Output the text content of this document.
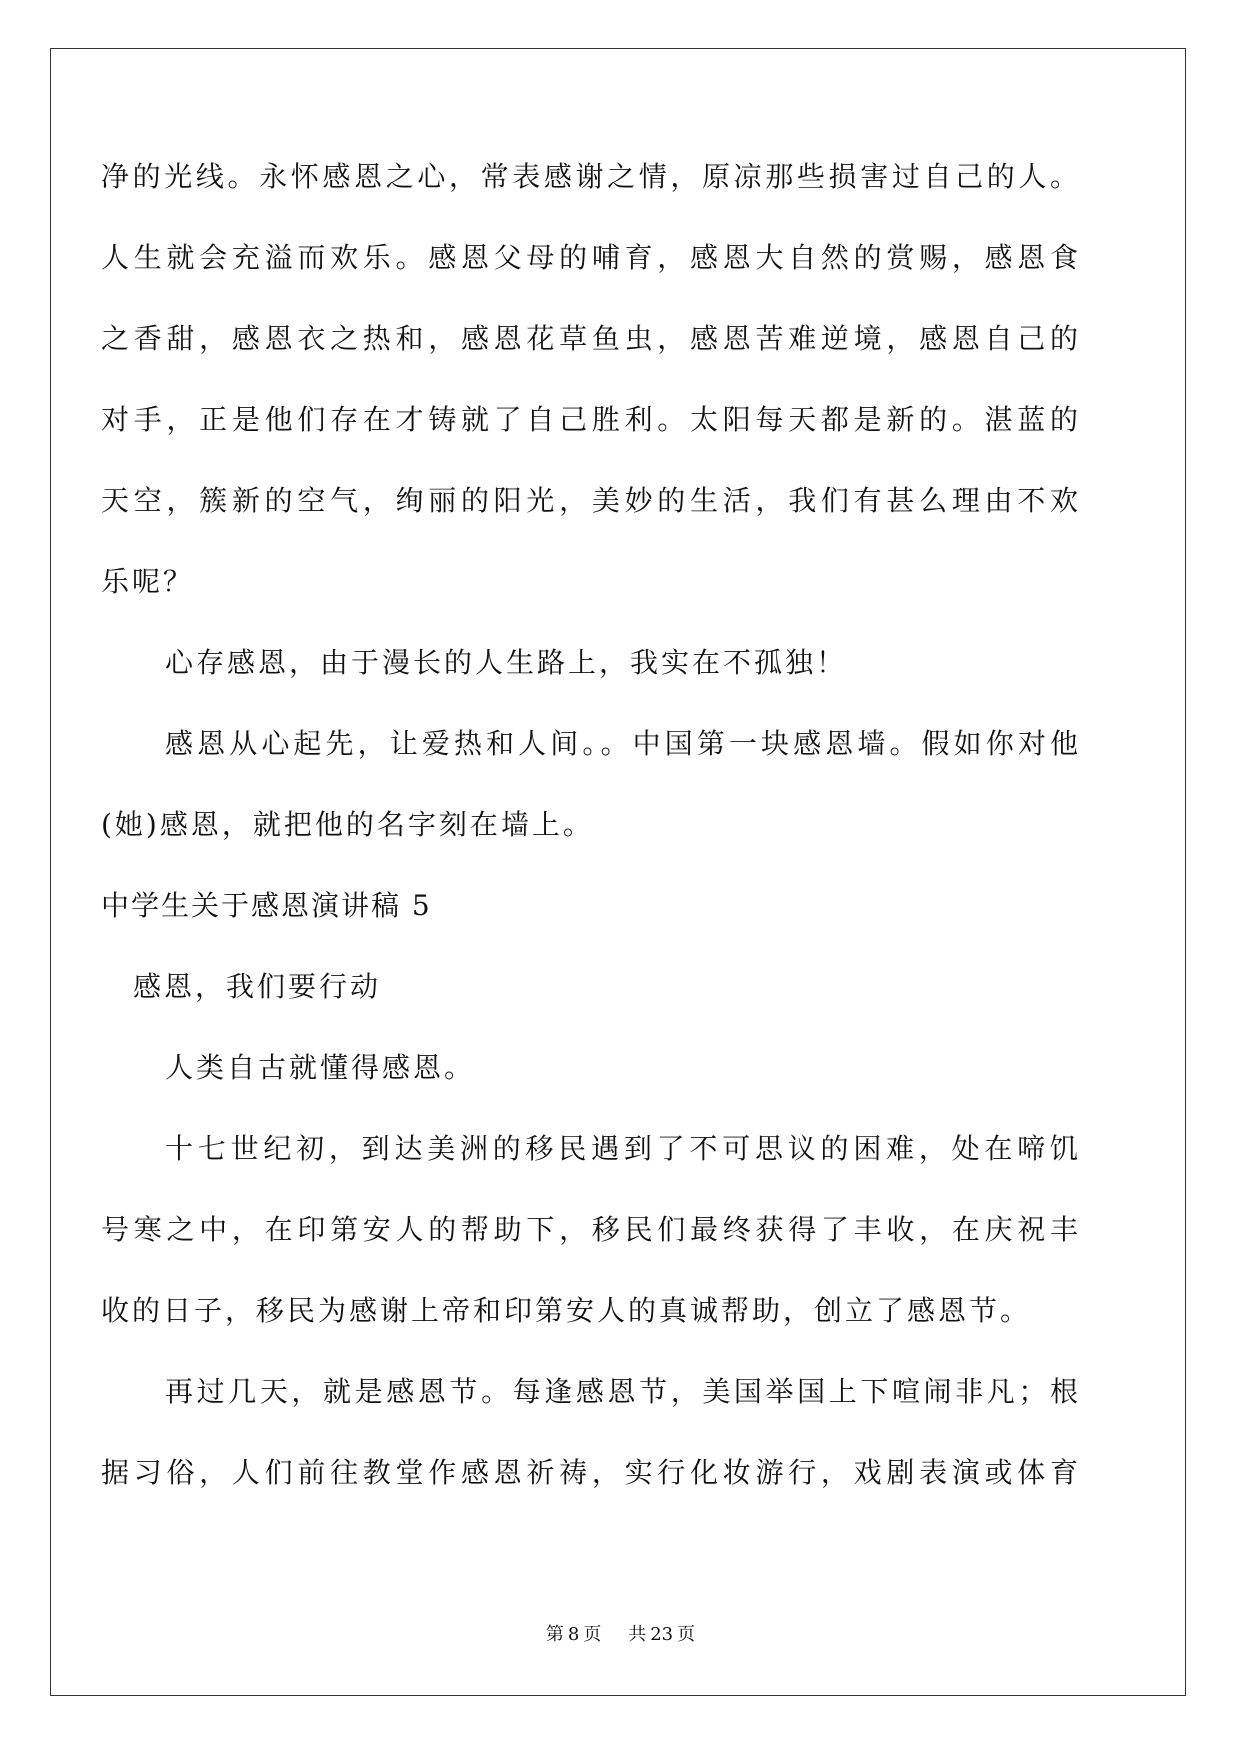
净的光线。永怀感恩之心，常表感谢之情，原凉那些损害过自己的人。
人生就会充溢而欢乐。感恩父母的哺育，感恩大自然的赏赐，感恩食
之香甜，感恩衣之热和，感恩花草鱼虫，感恩苦难逆境，感恩自己的
对手，正是他们存在才铸就了自己胜利。太阳每天都是新的。湛蓝的
天空，簇新的空气，绚丽的阳光，美妙的生活，我们有甚么理由不欢
乐呢？
心存感恩，由于漫长的人生路上，我实在不孤独！
感恩从心起先，让爱热和人间。。中国第一块感恩墙。假如你对他
(她)感恩，就把他的名字刻在墙上。
中学生关于感恩演讲稿 5
感恩，我们要行动
人类自古就懂得感恩。
十七世纪初，到达美洲的移民遇到了不可思议的困难，处在啼饥
号寒之中，在印第安人的帮助下，移民们最终获得了丰收，在庆祝丰
收的日子，移民为感谢上帝和印第安人的真诚帮助，创立了感恩节。
再过几天，就是感恩节。每逢感恩节，美国举国上下喧闹非凡；根
据习俗，人们前往教堂作感恩祈祷，实行化妆游行，戏剧表演或体育
第 8 页 共 23 页
